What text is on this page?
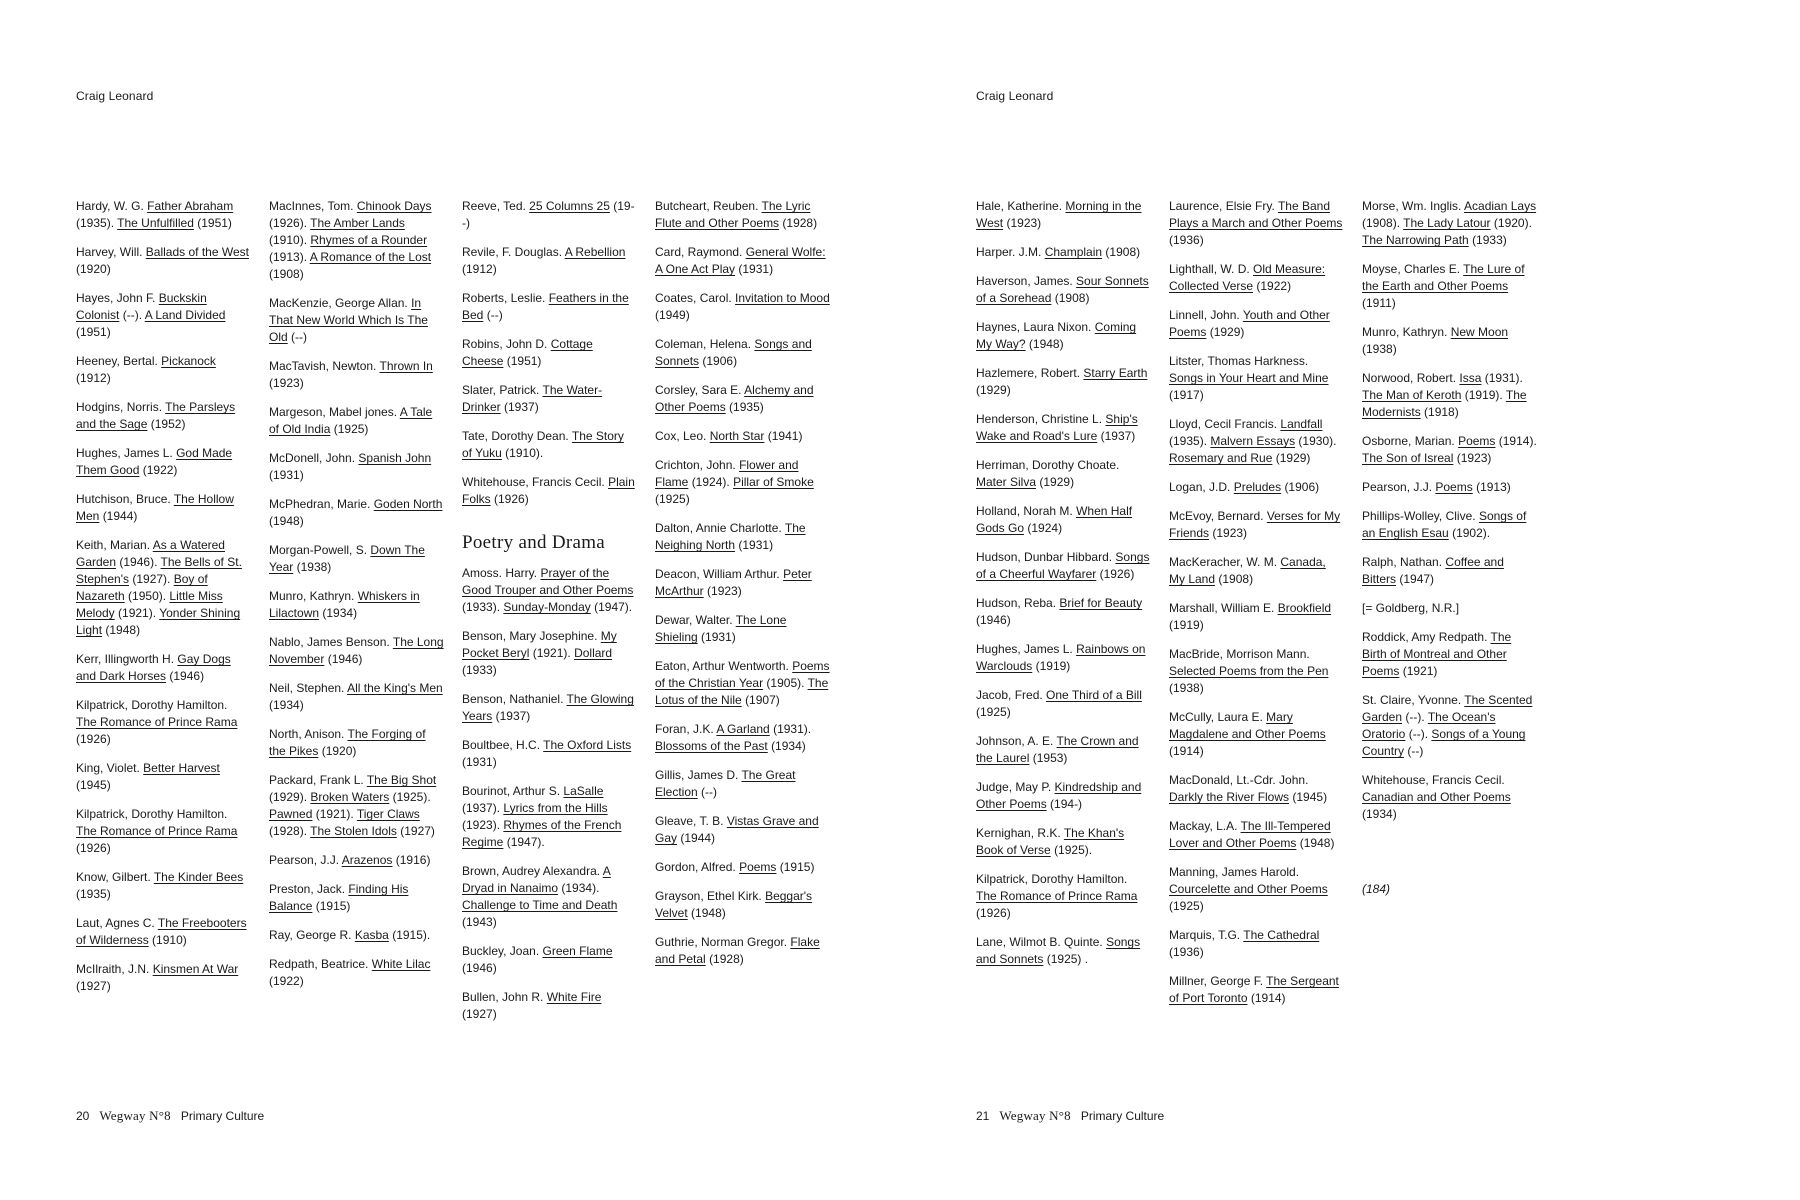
Craig Leonard
Hardy, W. G. Father Abraham (1935). The Unfulfilled (1951)
Harvey, Will. Ballads of the West (1920)
Hayes, John F. Buckskin Colonist (--). A Land Divided (1951)
Heeney, Bertal. Pickanock (1912)
Hodgins, Norris. The Parsleys and the Sage (1952)
Hughes, James L. God Made Them Good (1922)
Hutchison, Bruce. The Hollow Men (1944)
Keith, Marian. As a Watered Garden (1946). The Bells of St. Stephen's (1927). Boy of Nazareth (1950). Little Miss Melody (1921). Yonder Shining Light (1948)
Kerr, Illingworth H. Gay Dogs and Dark Horses (1946)
Kilpatrick, Dorothy Hamilton. The Romance of Prince Rama (1926)
King, Violet. Better Harvest (1945)
Kilpatrick, Dorothy Hamilton. The Romance of Prince Rama (1926)
Know, Gilbert. The Kinder Bees (1935)
Laut, Agnes C. The Freebooters of Wilderness (1910)
McIlraith, J.N. Kinsmen At War (1927)
MacInnes, Tom. Chinook Days (1926). The Amber Lands (1910). Rhymes of a Rounder (1913). A Romance of the Lost (1908)
MacKenzie, George Allan. In That New World Which Is The Old (--)
MacTavish, Newton. Thrown In (1923)
Margeson, Mabel jones. A Tale of Old India (1925)
McDonell, John. Spanish John (1931)
McPhedran, Marie. Goden North (1948)
Morgan-Powell, S. Down The Year (1938)
Munro, Kathryn. Whiskers in Lilactown (1934)
Nablo, James Benson. The Long November (1946)
Neil, Stephen. All the King's Men (1934)
North, Anison. The Forging of the Pikes (1920)
Packard, Frank L. The Big Shot (1929). Broken Waters (1925). Pawned (1921). Tiger Claws (1928). The Stolen Idols (1927)
Pearson, J.J. Arazenos (1916)
Preston, Jack. Finding His Balance (1915)
Ray, George R. Kasba (1915).
Redpath, Beatrice. White Lilac (1922)
Reeve, Ted. 25 Columns 25 (19--)
Revile, F. Douglas. A Rebellion (1912)
Roberts, Leslie. Feathers in the Bed (--)
Robins, John D. Cottage Cheese (1951)
Slater, Patrick. The Water-Drinker (1937)
Tate, Dorothy Dean. The Story of Yuku (1910).
Whitehouse, Francis Cecil. Plain Folks (1926)
Poetry and Drama
Amoss. Harry. Prayer of the Good Trouper and Other Poems (1933). Sunday-Monday (1947).
Benson, Mary Josephine. My Pocket Beryl (1921). Dollard (1933)
Benson, Nathaniel. The Glowing Years (1937)
Boultbee, H.C. The Oxford Lists (1931)
Bourinot, Arthur S. LaSalle (1937). Lyrics from the Hills (1923). Rhymes of the French Regime (1947).
Brown, Audrey Alexandra. A Dryad in Nanaimo (1934). Challenge to Time and Death (1943)
Buckley, Joan. Green Flame (1946)
Bullen, John R. White Fire (1927)
Butcheart, Reuben. The Lyric Flute and Other Poems (1928)
Card, Raymond. General Wolfe: A One Act Play (1931)
Coates, Carol. Invitation to Mood (1949)
Coleman, Helena. Songs and Sonnets (1906)
Corsley, Sara E. Alchemy and Other Poems (1935)
Cox, Leo. North Star (1941)
Crichton, John. Flower and Flame (1924). Pillar of Smoke (1925)
Dalton, Annie Charlotte. The Neighing North (1931)
Deacon, William Arthur. Peter McArthur (1923)
Dewar, Walter. The Lone Shieling (1931)
Eaton, Arthur Wentworth. Poems of the Christian Year (1905). The Lotus of the Nile (1907)
Foran, J.K. A Garland (1931). Blossoms of the Past (1934)
Gillis, James D. The Great Election (--)
Gleave, T. B. Vistas Grave and Gay (1944)
Gordon, Alfred. Poems (1915)
Grayson, Ethel Kirk. Beggar's Velvet (1948)
Guthrie, Norman Gregor. Flake and Petal (1928)
20 Wegway N°8 Primary Culture
Craig Leonard
Hale, Katherine. Morning in the West (1923)
Harper. J.M. Champlain (1908)
Haverson, James. Sour Sonnets of a Sorehead (1908)
Haynes, Laura Nixon. Coming My Way? (1948)
Hazlemere, Robert. Starry Earth (1929)
Henderson, Christine L. Ship's Wake and Road's Lure (1937)
Herriman, Dorothy Choate. Mater Silva (1929)
Holland, Norah M. When Half Gods Go (1924)
Hudson, Dunbar Hibbard. Songs of a Cheerful Wayfarer (1926)
Hudson, Reba. Brief for Beauty (1946)
Hughes, James L. Rainbows on Warclouds (1919)
Jacob, Fred. One Third of a Bill (1925)
Johnson, A. E. The Crown and the Laurel (1953)
Judge, May P. Kindredship and Other Poems (194-)
Kernighan, R.K. The Khan's Book of Verse (1925).
Kilpatrick, Dorothy Hamilton. The Romance of Prince Rama (1926)
Lane, Wilmot B. Quinte. Songs and Sonnets (1925) .
Laurence, Elsie Fry. The Band Plays a March and Other Poems (1936)
Lighthall, W. D. Old Measure: Collected Verse (1922)
Linnell, John. Youth and Other Poems (1929)
Litster, Thomas Harkness. Songs in Your Heart and Mine (1917)
Lloyd, Cecil Francis. Landfall (1935). Malvern Essays (1930). Rosemary and Rue (1929)
Logan, J.D. Preludes (1906)
McEvoy, Bernard. Verses for My Friends (1923)
MacKeracher, W. M. Canada, My Land (1908)
Marshall, William E. Brookfield (1919)
MacBride, Morrison Mann. Selected Poems from the Pen (1938)
McCully, Laura E. Mary Magdalene and Other Poems (1914)
MacDonald, Lt.-Cdr. John. Darkly the River Flows (1945)
Mackay, L.A. The Ill-Tempered Lover and Other Poems (1948)
Manning, James Harold. Courcelette and Other Poems (1925)
Marquis, T.G. The Cathedral (1936)
Millner, George F. The Sergeant of Port Toronto (1914)
Morse, Wm. Inglis. Acadian Lays (1908). The Lady Latour (1920). The Narrowing Path (1933)
Moyse, Charles E. The Lure of the Earth and Other Poems (1911)
Munro, Kathryn. New Moon (1938)
Norwood, Robert. Issa (1931). The Man of Keroth (1919). The Modernists (1918)
Osborne, Marian. Poems (1914). The Son of Isreal (1923)
Pearson, J.J. Poems (1913)
Phillips-Wolley, Clive. Songs of an English Esau (1902).
Ralph, Nathan. Coffee and Bitters (1947)
[= Goldberg, N.R.]
Roddick, Amy Redpath. The Birth of Montreal and Other Poems (1921)
St. Claire, Yvonne. The Scented Garden (--). The Ocean's Oratorio (--). Songs of a Young Country (--)
Whitehouse, Francis Cecil. Canadian and Other Poems (1934)
(184)
21 Wegway N°8 Primary Culture
